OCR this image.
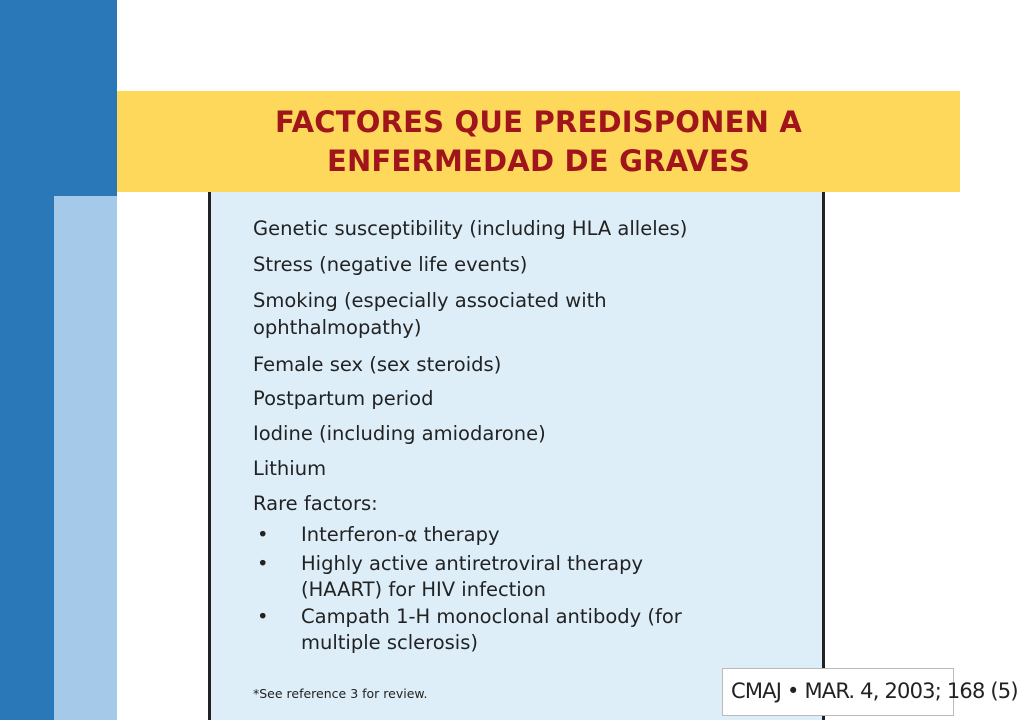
Genetic susceptibility (including HLA alleles)
Stress (negative life events)
Smoking (especially associated with
ophthalmopathy)
Female sex (sex steroids)
Postpartum period
Iodine (including amiodarone)
Lithium
Rare factors:
• Interferon-α therapy
• Highly active antiretroviral therapy
(HAART) for HIV infection
• Campath 1-H monoclonal antibody (for
multiple sclerosis)
*See reference 3 for review.
FACTORES QUE PREDISPONEN A
ENFERMEDAD DE GRAVES
CMAJ • MAR. 4, 2003; 168 (5)
